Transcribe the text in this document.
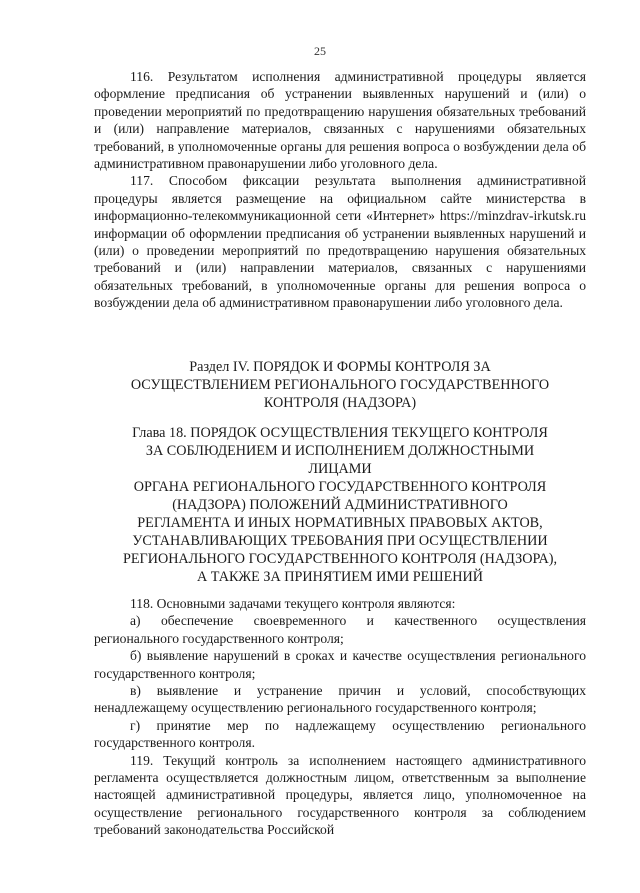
25

116. Результатом исполнения административной процедуры является оформление предписания об устранении выявленных нарушений и (или) о проведении мероприятий по предотвращению нарушения обязательных требований и (или) направление материалов, связанных с нарушениями обязательных требований, в уполномоченные органы для решения вопроса о возбуждении дела об административном правонарушении либо уголовного дела.

117. Способом фиксации результата выполнения административной процедуры является размещение на официальном сайте министерства в информационно-телекоммуникационной сети «Интернет» https://minzdrav-irkutsk.ru информации об оформлении предписания об устранении выявленных нарушений и (или) о проведении мероприятий по предотвращению нарушения обязательных требований и (или) направлении материалов, связанных с нарушениями обязательных требований, в уполномоченные органы для решения вопроса о возбуждении дела об административном правонарушении либо уголовного дела.

Раздел IV. ПОРЯДОК И ФОРМЫ КОНТРОЛЯ ЗА
ОСУЩЕСТВЛЕНИЕМ РЕГИОНАЛЬНОГО ГОСУДАРСТВЕННОГО
КОНТРОЛЯ (НАДЗОРА)
Глава 18. ПОРЯДОК ОСУЩЕСТВЛЕНИЯ ТЕКУЩЕГО КОНТРОЛЯ
ЗА СОБЛЮДЕНИЕМ И ИСПОЛНЕНИЕМ ДОЛЖНОСТНЫМИ
ЛИЦАМИ
ОРГАНА РЕГИОНАЛЬНОГО ГОСУДАРСТВЕННОГО КОНТРОЛЯ
(НАДЗОРА) ПОЛОЖЕНИЙ АДМИНИСТРАТИВНОГО
РЕГЛАМЕНТА И ИНЫХ НОРМАТИВНЫХ ПРАВОВЫХ АКТОВ,
УСТАНАВЛИВАЮЩИХ ТРЕБОВАНИЯ ПРИ ОСУЩЕСТВЛЕНИИ
РЕГИОНАЛЬНОГО ГОСУДАРСТВЕННОГО КОНТРОЛЯ (НАДЗОРА),
А ТАКЖЕ ЗА ПРИНЯТИЕМ ИМИ РЕШЕНИЙ

118. Основными задачами текущего контроля являются:

а) обеспечение своевременного и качественного осуществления регионального государственного контроля;

б) выявление нарушений в сроках и качестве осуществления регионального государственного контроля;

в) выявление и устранение причин и условий, способствующих ненадлежащему осуществлению регионального государственного контроля;

г) принятие мер по надлежащему осуществлению регионального государственного контроля.

119. Текущий контроль за исполнением настоящего административного регламента осуществляется должностным лицом, ответственным за выполнение настоящей административной процедуры, является лицо, уполномоченное на осуществление регионального государственного контроля за соблюдением требований законодательства Российской
